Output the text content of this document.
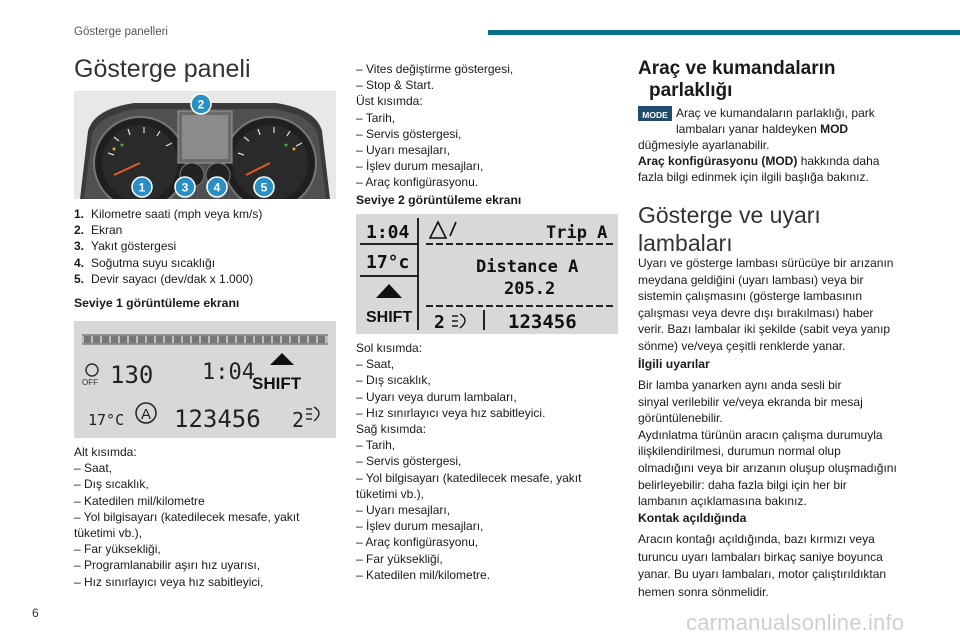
Gösterge panelleri
Gösterge paneli
1
2
3 4	5
1. Kilometre saati (mph veya km/s)
2. Ekran
3. Yakıt göstergesi
4. Soğutma suyu sıcaklığı
5. Devir sayacı (dev/dak x 1.000)
Seviye 1 görüntüleme ekranı
OFF 130 1:04
SHIFT
17°C A 123456 2
Alt kısımda:
– Saat,
– Dış sıcaklık,
– Katedilen mil/kilometre
– Yol bilgisayarı (katedilecek mesafe, yakıt
tüketimi vb.),
– Far yüksekliği,
– Programlanabilir aşırı hız uyarısı,
– Hız sınırlayıcı veya hız sabitleyici,
– Vites değiştirme göstergesi,
– Stop & Start.
Üst kısımda:
– Tarih,
– Servis göstergesi,
– Uyarı mesajları,
– İşlev durum mesajları,
– Araç konfigürasyonu.
Seviye 2 görüntüleme ekranı
1:04	Trip A
17°c	Distance A
205.2
SHIFT 2	123456
Sol kısımda:
– Saat,
– Dış sıcaklık,
– Uyarı veya durum lambaları,
– Hız sınırlayıcı veya hız sabitleyici.
Sağ kısımda:
– Tarih,
– Servis göstergesi,
– Yol bilgisayarı (katedilecek mesafe, yakıt
tüketimi vb.),
– Uyarı mesajları,
– İşlev durum mesajları,
– Araç konfigürasyonu,
– Far yüksekliği,
– Katedilen mil/kilometre.
Araç ve kumandaların
parlaklığı
MODE Araç ve kumandaların parlaklığı, park
lambaları yanar haldeyken MOD
düğmesiyle ayarlanabilir.
Araç konfigürasyonu (MOD) hakkında daha
fazla bilgi edinmek için ilgili başlığa bakınız.
Gösterge ve uyarı
lambaları
Uyarı ve gösterge lambası sürücüye bir arızanın
meydana geldiğini (uyarı lambası) veya bir
sistemin çalışmasını (gösterge lambasının
çalışması veya devre dışı bırakılması) haber
verir. Bazı lambalar iki şekilde (sabit veya yanıp
sönme) ve/veya çeşitli renklerde yanar.
İlgili uyarılar
Bir lamba yanarken aynı anda sesli bir
sinyal verilebilir ve/veya ekranda bir mesaj
görüntülenebilir.
Aydınlatma türünün aracın çalışma durumuyla
ilişkilendirilmesi, durumun normal olup
olmadığını veya bir arızanın oluşup oluşmadığını
belirleyebilir: daha fazla bilgi için her bir
lambanın açıklamasına bakınız.
Kontak açıldığında
Aracın kontağı açıldığında, bazı kırmızı veya
turuncu uyarı lambaları birkaç saniye boyunca
yanar. Bu uyarı lambaları, motor çalıştırıldıktan
hemen sonra sönmelidir.
6	carmanualsonline.info
